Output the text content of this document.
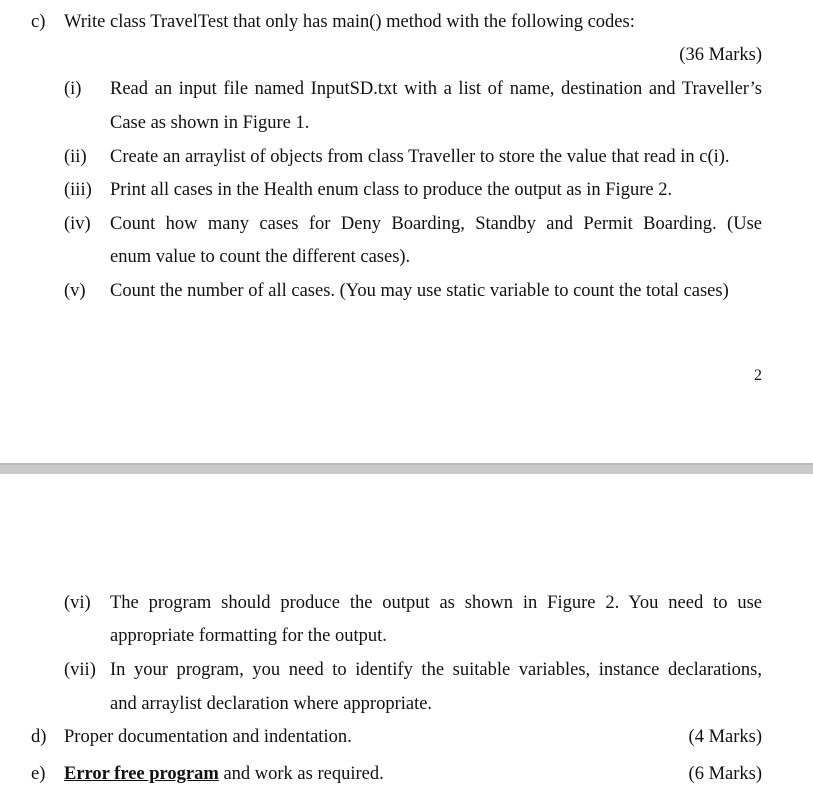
c) Write class TravelTest that only has main() method with the following codes:
(36 Marks)
(i) Read an input file named InputSD.txt with a list of name, destination and Traveller’s
Case as shown in Figure 1.
(ii) Create an arraylist of objects from class Traveller to store the value that read in c(i).
(iii) Print all cases in the Health enum class to produce the output as in Figure 2.
(iv) Count how many cases for Deny Boarding, Standby and Permit Boarding. (Use
enum value to count the different cases).
(v) Count the number of all cases. (You may use static variable to count the total cases)
2
(vi) The program should produce the output as shown in Figure 2. You need to use
appropriate formatting for the output.
(vii) In your program, you need to identify the suitable variables, instance declarations,
and arraylist declaration where appropriate.
d) Proper documentation and indentation.	(4 Marks)
e) Error free program and work as required.	(6 Marks)
